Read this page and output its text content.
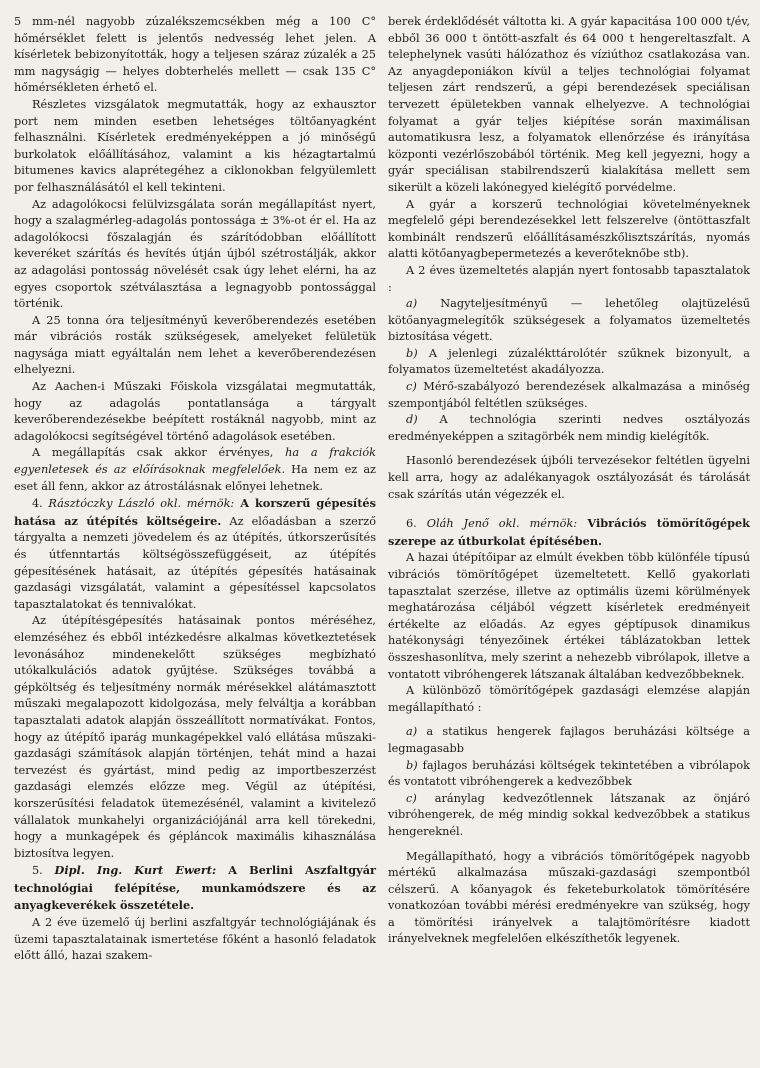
5 mm-nél nagyobb zúzalékszemcsékben még a 100 C° hőmérséklet felett is jelentős nedvesség lehet jelen. A kísérletek bebizonyították, hogy a teljesen száraz zúzalék a 25 mm nagyságig — helyes dobterhelés mellett — csak 135 C° hőmérsékleten érhető el.

Részletes vizsgálatok megmutatták, hogy az exhausztor port nem minden esetben lehetséges töltőanyagként felhasználni. Kísérletek eredményeképpen a jó minőségű burkolatok előállításához, valamint a kis hézagtartalmú bitumenes kavics alaprétegéhez a ciklonokban felgyülemlett por felhasználásától el kell tekinteni.

Az adagolókocsi felülvizsgálata során megállapítást nyert, hogy a szalagmérleg-adagolás pontossága ± 3%-ot ér el. Ha az adagolókocsi főszalagján és szárítódobban előállított keveréket szárítás és hevítés útján újból szétrostálják, akkor az adagolási pontosság növelését csak úgy lehet elérni, ha az egyes csoportok szétválasztása a legnagyobb pontossággal történik.

A 25 tonna óra teljesítményű keverőberendezés esetében már vibrációs rosták szükségesek, amelyeket felületük nagysága miatt egyáltalán nem lehet a keverőberendezésen elhelyezni.

Az Aachen-i Műszaki Főiskola vizsgálatai megmutatták, hogy az adagolás pontatlansága a tárgyalt keverőberendezésekbe beépített rostáknál nagyobb, mint az adagolókocsi segítségével történő adagolások esetében.

A megállapítás csak akkor érvényes, ha a frakciók egyenletesek és az előírásoknak megfelelőek. Ha nem ez az eset áll fenn, akkor az átrostálásnak előnyei lehetnek.

4. Rásztóczky László okl. mérnök: A korszerű gépesítés hatása az útépítés költségeire. Az előadásban a szerző tárgyalta a nemzeti jövedelem és az útépítés, útkorszerűsítés és útfenntartás költségösszefüggéseit, az útépítés gépesítésének hatásait, az útépítés gépesítés hatásainak gazdasági vizsgálatát, valamint a gépesítéssel kapcsolatos tapasztalatokat és tennivalókat.

Az útépítésgépesítés hatásainak pontos méréséhez, elemzéséhez és ebből intézkedésre alkalmas következtetések levonásához mindenekelőtt szükséges megbízható utókalkulációs adatok gyűjtése. Szükséges továbbá a gépköltség és teljesítmény normák mérésekkel alátámasztott műszaki megalapozott kidolgozása, mely felváltja a korábban tapasztalati adatok alapján összeállított normatívákat. Fontos, hogy az útépítő iparág munkagépekkel való ellátása műszaki-gazdasági számítások alapján történjen, tehát mind a hazai tervezést és gyártást, mind pedig az importbeszerzést gazdasági elemzés előzze meg. Végül az útépítési, korszerűsítési feladatok ütemezésénél, valamint a kivitelező vállalatok munkahelyi organizációjánál arra kell törekedni, hogy a munkagépek és gépláncok maximális kihasználása biztosítva legyen.

5. Dipl. Ing. Kurt Ewert: A Berlini Aszfaltgyár technológiai felépítése, munkamódszere és az anyagkeverékek összetétele.

A 2 éve üzemelő új berlini aszfaltgyár technológiájának és üzemi tapasztalatainak ismertetése főként a hasonló feladatok előtt álló, hazai szakem-

berek érdeklődését váltotta ki. A gyár kapacitása 100 000 t/év, ebből 36 000 t öntött-aszfalt és 64 000 t hengereltaszfalt. A telephelynek vasúti hálózathoz és víziúthoz csatlakozása van. Az anyagdeponiákon kívül a teljes technológiai folyamat teljesen zárt rendszerű, a gépi berendezések speciálisan tervezett épületekben vannak elhelyezve. A technológiai folyamat a gyár teljes kiépítése során maximálisan automatikusra lesz, a folyamatok ellenőrzése és irányítása központi vezérlőszobából történik. Meg kell jegyezni, hogy a gyár speciálisan stabilrendszerű kialakítása mellett sem sikerült a közeli lakónegyed kielégítő porvédelme.

A gyár a korszerű technológiai követelményeknek megfelelő gépi berendezésekkel lett felszerelve (öntöttaszfalt kombinált rendszerű előállításamészkőlisztszárítás, nyomás alatti kötőanyagbepermetezés a keverőteknőbe stb).

A 2 éves üzemeltetés alapján nyert fontosabb tapasztalatok :

a) Nagyteljesítményű — lehetőleg olajtüzelésű kötőanyagmelegítők szükségesek a folyamatos üzemeltetés biztosítása végett.

b) A jelenlegi zúzalékttárolótér szűknek bizonyult, a folyamatos üzemeltetést akadályozza.

c) Mérő-szabályozó berendezések alkalmazása a minőség szempontjából feltétlen szükséges.

d) A technológia szerinti nedves osztályozás eredményeképpen a szitagörbék nem mindig kielégítők.

Hasonló berendezések újbóli tervezésekor feltétlen ügyelni kell arra, hogy az adalékanyagok osztályozását és tárolását csak szárítás után végezzék el.

6. Oláh Jenő okl. mérnök: Vibrációs tömörítőgépek szerepe az útburkolat építésében.

A hazai útépítőipar az elmúlt években több különféle típusú vibrációs tömörítőgépet üzemeltetett. Kellő gyakorlati tapasztalat szerzése, illetve az optimális üzemi körülmények meghatározása céljából végzett kísérletek eredményeit értékelte az előadás. Az egyes géptípusok dinamikus hatékonysági tényezőinek értékei táblázatokban lettek összeshasonlítva, mely szerint a nehezebb vibrólapok, illetve a vontatott vibróhengerek látszanak általában kedvezőbbeknek.

A különböző tömörítőgépek gazdasági elemzése alapján megállapítható :

a) a statikus hengerek fajlagos beruházási költsége a legmagasabb

b) fajlagos beruházási költségek tekintetében a vibrólapok és vontatott vibróhengerek a kedvezőbbek

c) aránylag kedvezőtlennek látszanak az önjáró vibróhengerek, de még mindig sokkal kedvezőbbek a statikus hengereknél.

Megállapítható, hogy a vibrációs tömörítőgépek nagyobb mértékű alkalmazása műszaki-gazdasági szempontból célszerű. A kőanyagok és feketeburkolatok tömörítésére vonatkozóan további mérési eredményekre van szükség, hogy a tömörítési irányelvek a talajtömörítésre kiadott irányelveknek megfelelően elkészíthetők legyenek.
